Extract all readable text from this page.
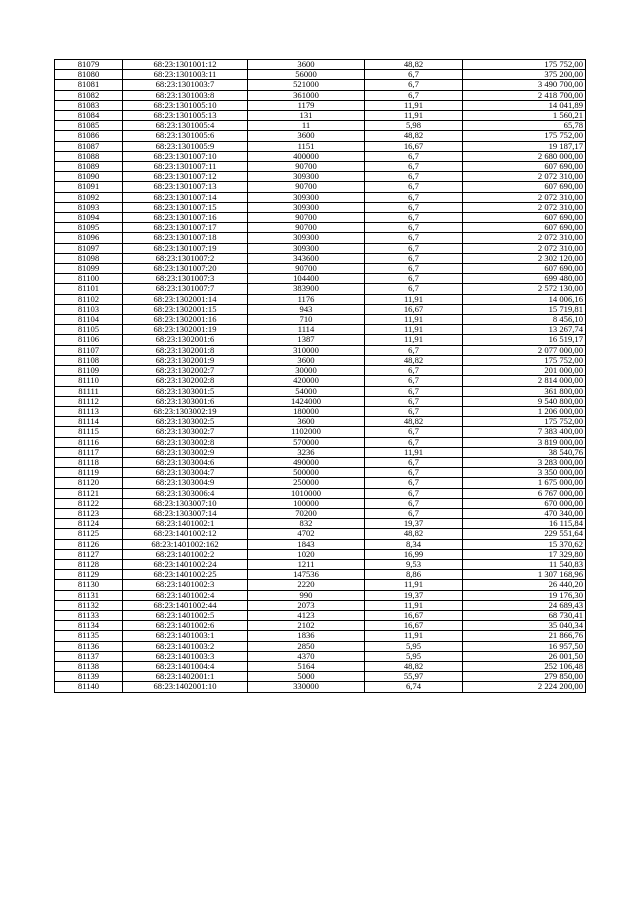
81079	68:23:1301001:12	3600	48,82	175 752,00
81080	68:23:1301003:11	56000	6,7	375 200,00
81081	68:23:1301003:7	521000	6,7	3 490 700,00
81082	68:23:1301003:8	361000	6,7	2 418 700,00
81083	68:23:1301005:10	1179	11,91	14 041,89
81084	68:23:1301005:13	131	11,91	1 560,21
81085	68:23:1301005:4	11	5,98	65,78
81086	68:23:1301005:6	3600	48,82	175 752,00
81087	68:23:1301005:9	1151	16,67	19 187,17
81088	68:23:1301007:10	400000	6,7	2 680 000,00
81089	68:23:1301007:11	90700	6,7	607 690,00
81090	68:23:1301007:12	309300	6,7	2 072 310,00
81091	68:23:1301007:13	90700	6,7	607 690,00
81092	68:23:1301007:14	309300	6,7	2 072 310,00
81093	68:23:1301007:15	309300	6,7	2 072 310,00
81094	68:23:1301007:16	90700	6,7	607 690,00
81095	68:23:1301007:17	90700	6,7	607 690,00
81096	68:23:1301007:18	309300	6,7	2 072 310,00
81097	68:23:1301007:19	309300	6,7	2 072 310,00
81098	68:23:1301007:2	343600	6,7	2 302 120,00
81099	68:23:1301007:20	90700	6,7	607 690,00
81100	68:23:1301007:3	104400	6,7	699 480,00
81101	68:23:1301007:7	383900	6,7	2 572 130,00
81102	68:23:1302001:14	1176	11,91	14 006,16
81103	68:23:1302001:15	943	16,67	15 719,81
81104	68:23:1302001:16	710	11,91	8 456,10
81105	68:23:1302001:19	1114	11,91	13 267,74
81106	68:23:1302001:6	1387	11,91	16 519,17
81107	68:23:1302001:8	310000	6,7	2 077 000,00
81108	68:23:1302001:9	3600	48,82	175 752,00
81109	68:23:1302002:7	30000	6,7	201 000,00
81110	68:23:1302002:8	420000	6,7	2 814 000,00
81111	68:23:1303001:5	54000	6,7	361 800,00
81112	68:23:1303001:6	1424000	6,7	9 540 800,00
81113	68:23:1303002:19	180000	6,7	1 206 000,00
81114	68:23:1303002:5	3600	48,82	175 752,00
81115	68:23:1303002:7	1102000	6,7	7 383 400,00
81116	68:23:1303002:8	570000	6,7	3 819 000,00
81117	68:23:1303002:9	3236	11,91	38 540,76
81118	68:23:1303004:6	490000	6,7	3 283 000,00
81119	68:23:1303004:7	500000	6,7	3 350 000,00
81120	68:23:1303004:9	250000	6,7	1 675 000,00
81121	68:23:1303006:4	1010000	6,7	6 767 000,00
81122	68:23:1303007:10	100000	6,7	670 000,00
81123	68:23:1303007:14	70200	6,7	470 340,00
81124	68:23:1401002:1	832	19,37	16 115,84
81125	68:23:1401002:12	4702	48,82	229 551,64
81126	68:23:1401002:162	1843	8,34	15 370,62
81127	68:23:1401002:2	1020	16,99	17 329,80
81128	68:23:1401002:24	1211	9,53	11 540,83
81129	68:23:1401002:25	147536	8,86	1 307 168,96
81130	68:23:1401002:3	2220	11,91	26 440,20
81131	68:23:1401002:4	990	19,37	19 176,30
81132	68:23:1401002:44	2073	11,91	24 689,43
81133	68:23:1401002:5	4123	16,67	68 730,41
81134	68:23:1401002:6	2102	16,67	35 040,34
81135	68:23:1401003:1	1836	11,91	21 866,76
81136	68:23:1401003:2	2850	5,95	16 957,50
81137	68:23:1401003:3	4370	5,95	26 001,50
81138	68:23:1401004:4	5164	48,82	252 106,48
81139	68:23:1402001:1	5000	55,97	279 850,00
81140	68:23:1402001:10	330000	6,74	2 224 200,00
